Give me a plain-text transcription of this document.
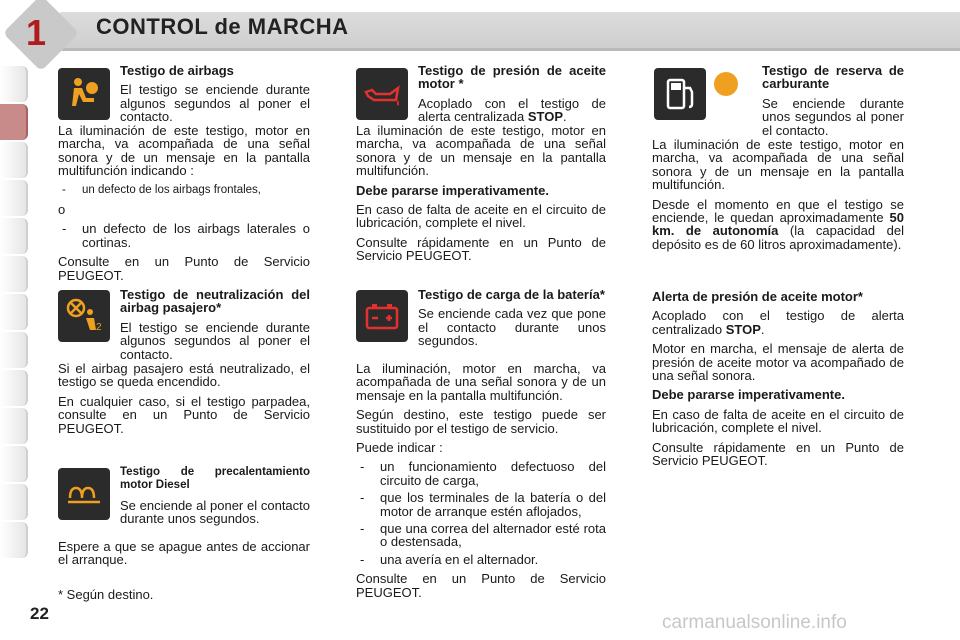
1 CONTROL de MARCHA
2

Testigo de airbags

El testigo se enciende durante algunos segundos al poner el contacto.

La iluminación de este testigo, motor en marcha, va acompañada de una señal sonora y de un mensaje en la pantalla multifunción indicando :

- un defecto de los airbags frontales,

o

- un defecto de los airbags laterales o cortinas.

Consulte en un Punto de Servicio PEUGEOT.

Testigo de neutralización del airbag pasajero*

El testigo se enciende durante algunos segundos al poner el contacto.

Si el airbag pasajero está neutralizado, el testigo se queda encendido.

En cualquier caso, si el testigo parpadea, consulte en un Punto de Servicio PEUGEOT.

Testigo de precalentamiento motor Diesel

Se enciende al poner el contacto durante unos segundos.

Espere a que se apague antes de accionar el arranque.

* Según destino.

Testigo de presión de aceite motor *

Acoplado con el testigo de alerta centralizada STOP.

La iluminación de este testigo, motor en marcha, va acompañada de una señal sonora y de un mensaje en la pantalla multifunción.

Debe pararse imperativamente.

En caso de falta de aceite en el circuito de lubricación, complete el nivel.

Consulte rápidamente en un Punto de Servicio PEUGEOT.

Testigo de carga de la batería*

Se enciende cada vez que pone el contacto durante unos segundos.

La iluminación, motor en marcha, va acompañada de una señal sonora y de un mensaje en la pantalla multifunción.

Según destino, este testigo puede ser sustituido por el testigo de servicio.

Puede indicar :

- un funcionamiento defectuoso del circuito de carga,
- que los terminales de la batería o del motor de arranque estén aflojados,
- que una correa del alternador esté rota o destensada,
- una avería en el alternador.

Consulte en un Punto de Servicio PEUGEOT.

Testigo de reserva de carburante

Se enciende durante unos segundos al poner el contacto.

La iluminación de este testigo, motor en marcha, va acompañada de una señal sonora y de un mensaje en la pantalla multifunción.

Desde el momento en que el testigo se enciende, le quedan aproximadamente 50 km. de autonomía (la capacidad del depósito es de 60 litros aproximadamente).

Alerta de presión de aceite motor*

Acoplado con el testigo de alerta centralizado STOP.

Motor en marcha, el mensaje de alerta de presión de aceite motor va acompañado de una señal sonora.

Debe pararse imperativamente.

En caso de falta de aceite en el circuito de lubricación, complete el nivel.

Consulte rápidamente en un Punto de Servicio PEUGEOT.

22	carmanualsonline.info
